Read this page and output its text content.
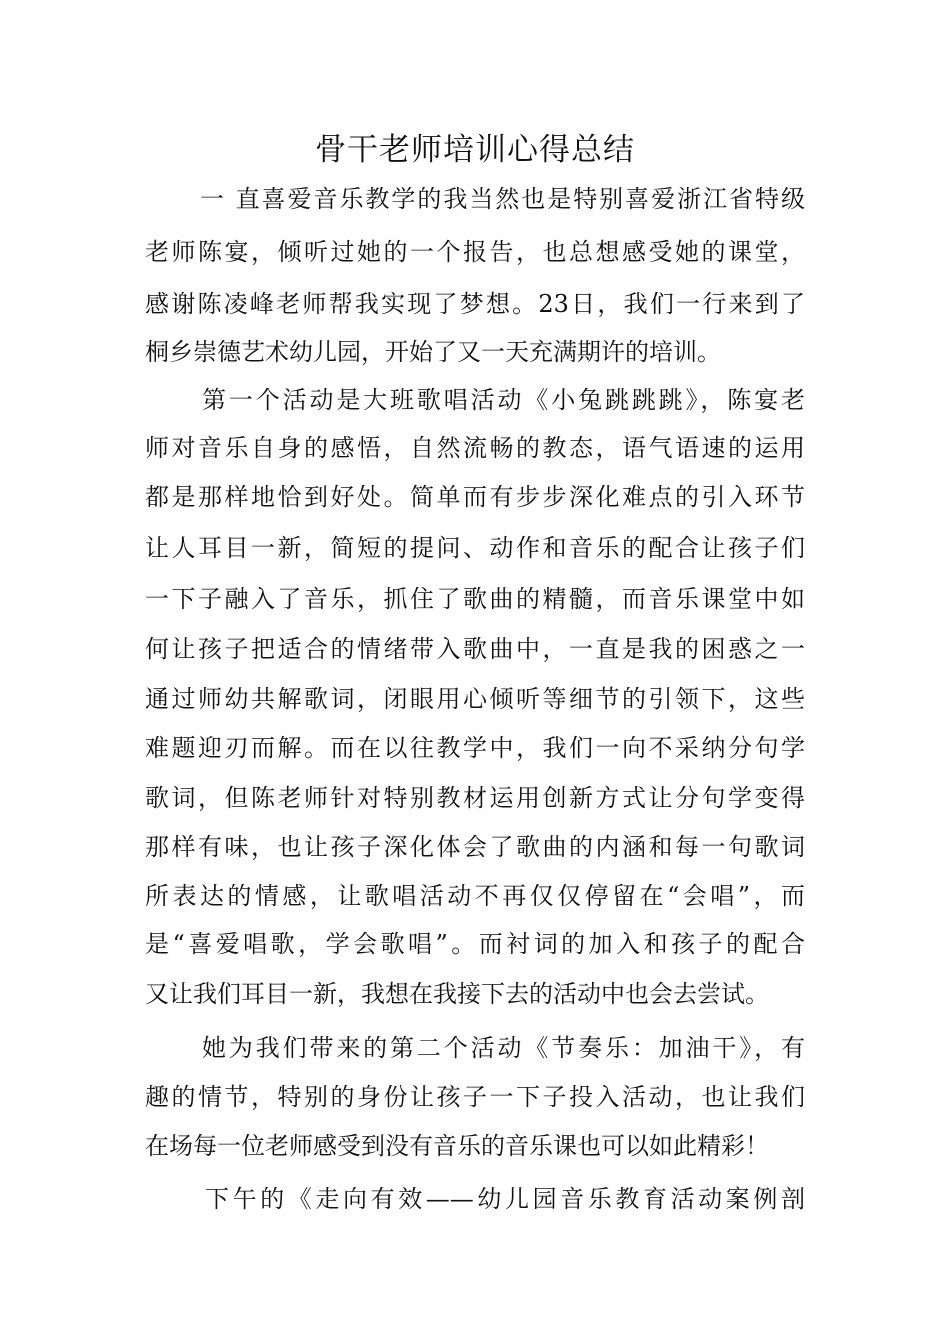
骨干老师培训心得总结
一 直喜爱音乐教学的我当然也是特别喜爱浙江省特级
老师陈宴，倾听过她的一个报告，也总想感受她的课堂，
感谢陈凌峰老师帮我实现了梦想。23日，我们一行来到了
桐乡崇德艺术幼儿园，开始了又一天充满期许的培训。
第一个活动是大班歌唱活动《小兔跳跳跳》，陈宴老
师对音乐自身的感悟，自然流畅的教态，语气语速的运用
都是那样地恰到好处。简单而有步步深化难点的引入环节
让人耳目一新，简短的提问、动作和音乐的配合让孩子们
一下子融入了音乐，抓住了歌曲的精髓，而音乐课堂中如
何让孩子把适合的情绪带入歌曲中，一直是我的困惑之一
通过师幼共解歌词，闭眼用心倾听等细节的引领下，这些
难题迎刃而解。而在以往教学中，我们一向不采纳分句学
歌词，但陈老师针对特别教材运用创新方式让分句学变得
那样有味，也让孩子深化体会了歌曲的内涵和每一句歌词
所表达的情感，让歌唱活动不再仅仅停留在“会唱”，而
是“喜爱唱歌，学会歌唱”。而衬词的加入和孩子的配合
又让我们耳目一新，我想在我接下去的活动中也会去尝试。
她为我们带来的第二个活动《节奏乐：加油干》，有
趣的情节，特别的身份让孩子一下子投入活动，也让我们
在场每一位老师感受到没有音乐的音乐课也可以如此精彩！
下午的《走向有效——幼儿园音乐教育活动案例剖
